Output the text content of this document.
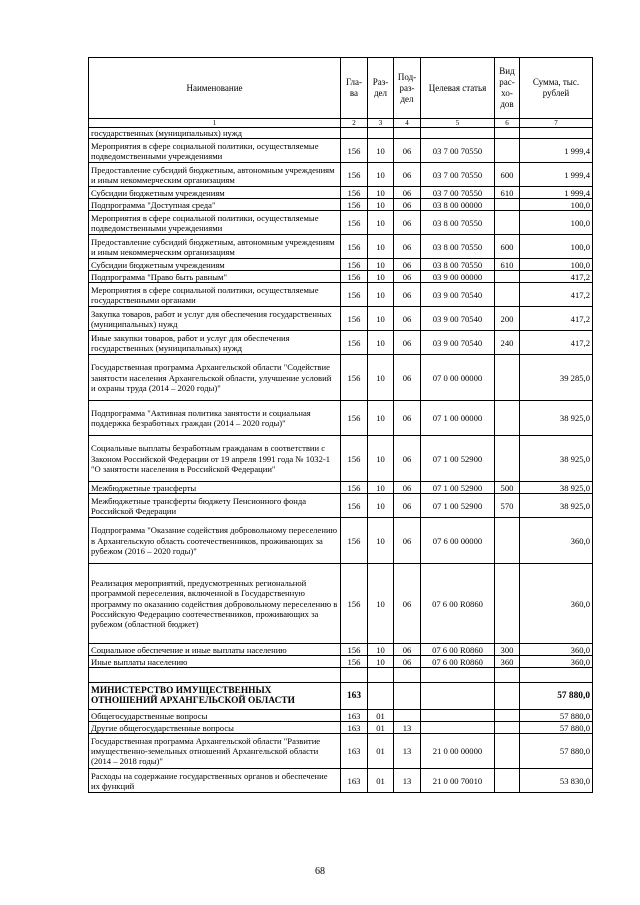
Наименование	Гла-ва	Раз-дел	Под-раз-дел	Целевая статья	Вид рас-хо-дов	Сумма, тыс. рублей
1	2	3	4	5	6	7
государственных (муниципальных) нужд						
Мероприятия в сфере социальной политики, осуществляемые подведомственными учреждениями	156	10	06	03 7 00 70550		1 999,4
Предоставление субсидий бюджетным, автономным учреждениям и иным некоммерческим организациям	156	10	06	03 7 00 70550	600	1 999,4
Субсидии бюджетным учреждениям	156	10	06	03 7 00 70550	610	1 999,4
Подпрограмма "Доступная среда"	156	10	06	03 8 00 00000		100,0
Мероприятия в сфере социальной политики, осуществляемые подведомственными учреждениями	156	10	06	03 8 00 70550		100,0
Предоставление субсидий бюджетным, автономным учреждениям и иным некоммерческим организациям	156	10	06	03 8 00 70550	600	100,0
Субсидии бюджетным учреждениям	156	10	06	03 8 00 70550	610	100,0
Подпрограмма "Право быть равным"	156	10	06	03 9 00 00000		417,2
Мероприятия в сфере социальной политики, осуществляемые государственными органами	156	10	06	03 9 00 70540		417,2
Закупка товаров, работ и услуг для обеспечения государственных (муниципальных) нужд	156	10	06	03 9 00 70540	200	417,2
Иные закупки товаров, работ и услуг для обеспечения государственных (муниципальных) нужд	156	10	06	03 9 00 70540	240	417,2
Государственная программа Архангельской области "Содействие занятости населения Архангельской области, улучшение условий и охраны труда (2014 – 2020 годы)"	156	10	06	07 0 00 00000		39 285,0
Подпрограмма "Активная политика занятости и социальная поддержка безработных граждан (2014 – 2020 годы)"	156	10	06	07 1 00 00000		38 925,0
Социальные выплаты безработным гражданам в соответствии с Законом Российской Федерации от 19 апреля 1991 года № 1032-1 "О занятости населения в Российской Федерации"	156	10	06	07 1 00 52900		38 925,0
Межбюджетные трансферты	156	10	06	07 1 00 52900	500	38 925,0
Межбюджетные трансферты бюджету Пенсионного фонда Российской Федерации	156	10	06	07 1 00 52900	570	38 925,0
Подпрограмма "Оказание содействия добровольному переселению в Архангельскую область соотечественников, проживающих за рубежом (2016 – 2020 годы)"	156	10	06	07 6 00 00000		360,0
Реализация мероприятий, предусмотренных региональной программой переселения, включенной в Государственную программу по оказанию содействия добровольному переселению в Российскую Федерацию соотечественников, проживающих за рубежом (областной бюджет)	156	10	06	07 6 00 R0860		360,0
Социальное обеспечение и иные выплаты населению	156	10	06	07 6 00 R0860	300	360,0
Иные выплаты населению	156	10	06	07 6 00 R0860	360	360,0

МИНИСТЕРСТВО ИМУЩЕСТВЕННЫХ ОТНОШЕНИЙ АРХАНГЕЛЬСКОЙ ОБЛАСТИ	163					57 880,0
Общегосударственные вопросы	163	01				57 880,0
Другие общегосударственные вопросы	163	01	13			57 880,0
Государственная программа Архангельской области "Развитие имущественно-земельных отношений Архангельской области (2014 – 2018 годы)"	163	01	13	21 0 00 00000		57 880,0
Расходы на содержание государственных органов и обеспечение их функций	163	01	13	21 0 00 70010		53 830,0
68
